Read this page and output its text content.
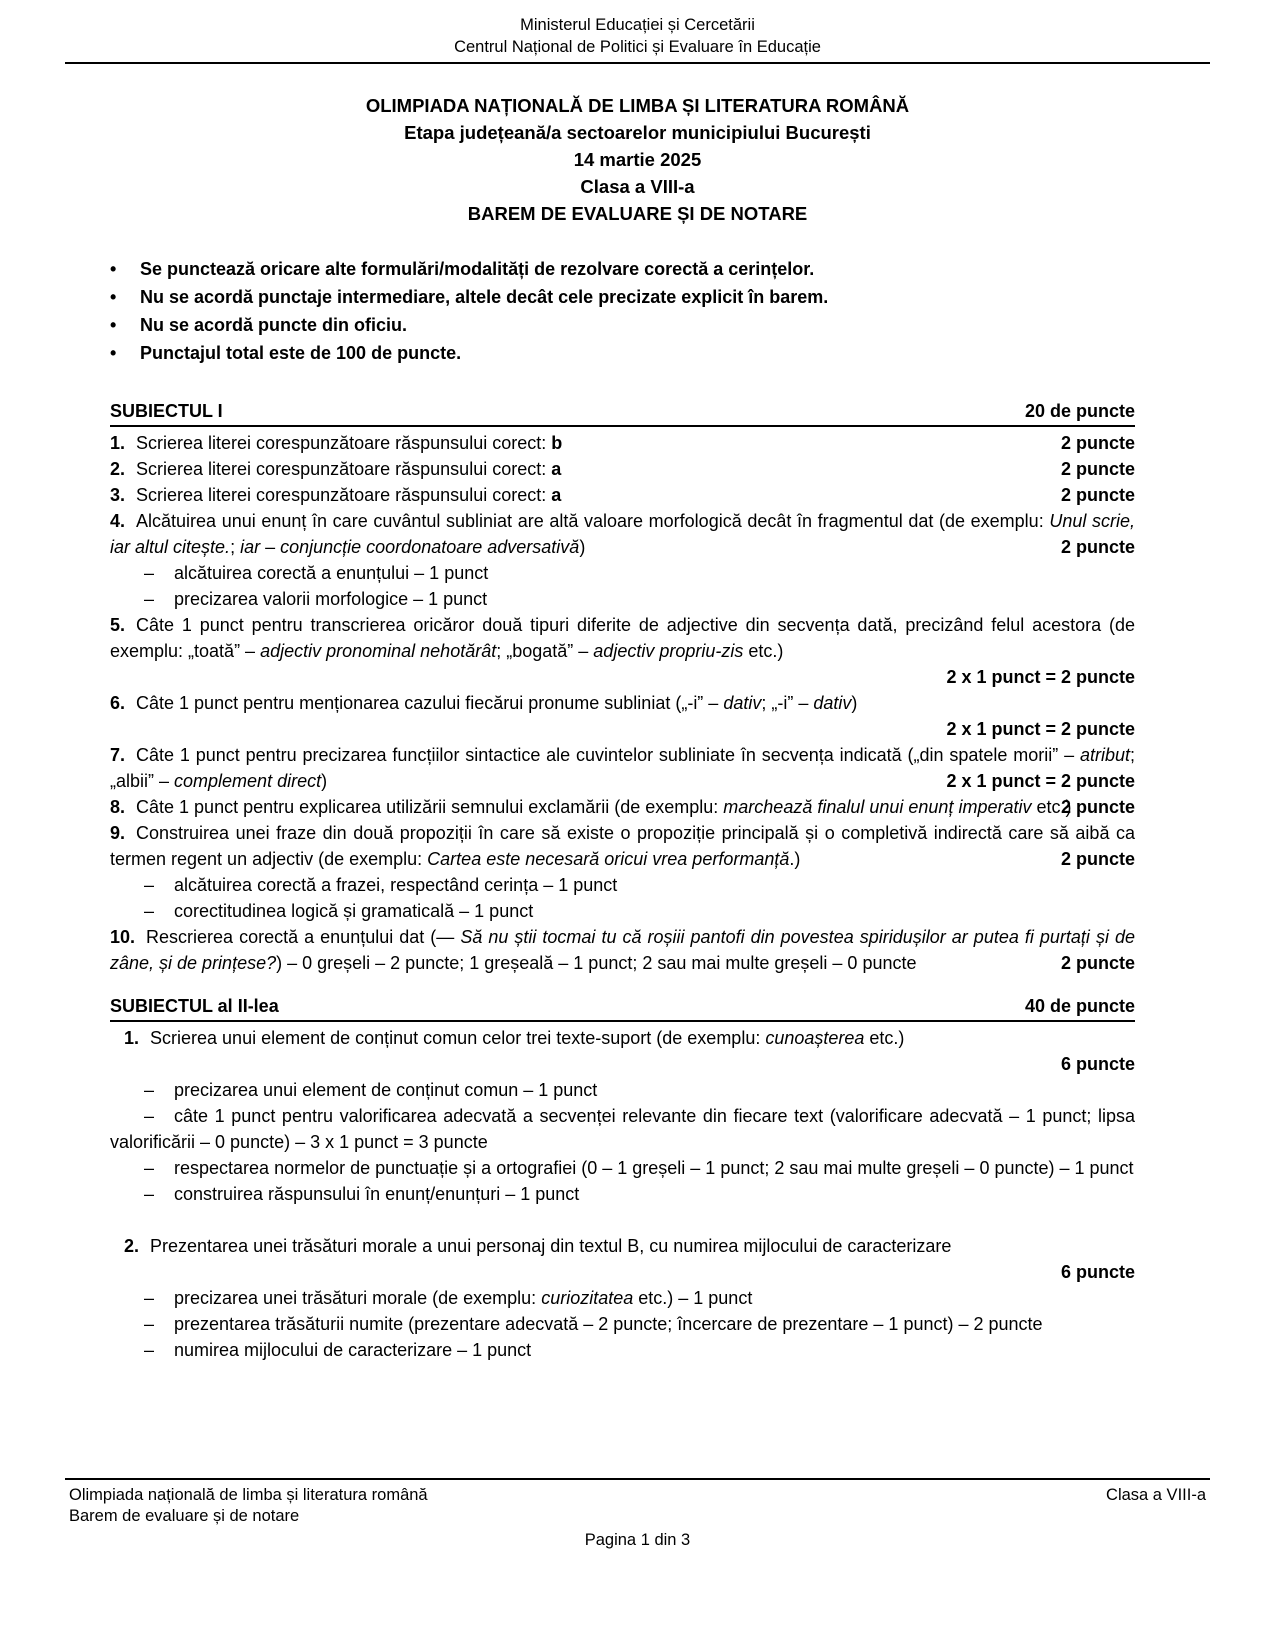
Ministerul Educației și Cercetării
Centrul Național de Politici și Evaluare în Educație
OLIMPIADA NAȚIONALĂ DE LIMBA ȘI LITERATURA ROMÂNĂ
Etapa județeană/a sectoarelor municipiului București
14 martie 2025
Clasa a VIII-a
BAREM DE EVALUARE ȘI DE NOTARE
•	Se punctează oricare alte formulări/modalități de rezolvare corectă a cerințelor.
•	Nu se acordă punctaje intermediare, altele decât cele precizate explicit în barem.
•	Nu se acordă puncte din oficiu.
•	Punctajul total este de 100 de puncte.
SUBIECTUL I	20 de puncte

1. Scrierea literei corespunzătoare răspunsului corect: b	2 puncte

2. Scrierea literei corespunzătoare răspunsului corect: a	2 puncte

3. Scrierea literei corespunzătoare răspunsului corect: a	2 puncte

4. Alcătuirea unui enunț în care cuvântul subliniat are altă valoare morfologică decât în fragmentul dat (de exemplu: Unul scrie, iar altul citește.; iar – conjuncție coordonatoare adversativă)	2 puncte

– alcătuirea corectă a enunțului – 1 punct

– precizarea valorii morfologice – 1 punct

5. Câte 1 punct pentru transcrierea oricăror două tipuri diferite de adjective din secvența dată, precizând felul acestora (de exemplu: „toată” – adjectiv pronominal nehotărât; „bogată” – adjectiv propriu-zis etc.)

2 x 1 punct = 2 puncte

6. Câte 1 punct pentru menționarea cazului fiecărui pronume subliniat („-i” – dativ; „-i” – dativ)

2 x 1 punct = 2 puncte

7. Câte 1 punct pentru precizarea funcțiilor sintactice ale cuvintelor subliniate în secvența indicată („din spatele morii” – atribut; „albii” – complement direct)	2 x 1 punct = 2 puncte

8. Câte 1 punct pentru explicarea utilizării semnului exclamării (de exemplu: marchează finalul unui enunț imperativ etc.)
2 puncte

9. Construirea unei fraze din două propoziții în care să existe o propoziție principală și o completivă indirectă care să aibă ca termen regent un adjectiv (de exemplu: Cartea este necesară oricui vrea performanță.)	2 puncte

– alcătuirea corectă a frazei, respectând cerința – 1 punct

– corectitudinea logică și gramaticală – 1 punct

10. Rescrierea corectă a enunțului dat (— Să nu știi tocmai tu că roșiii pantofi din povestea spiridușilor ar putea fi purtați și de zâne, și de prințese?) – 0 greșeli – 2 puncte; 1 greșeală – 1 punct; 2 sau mai multe greșeli – 0 puncte	2 puncte

SUBIECTUL al II-lea	40 de puncte

1. Scrierea unui element de conținut comun celor trei texte-suport (de exemplu: cunoașterea etc.)

6 puncte

– precizarea unui element de conținut comun – 1 punct

– câte 1 punct pentru valorificarea adecvată a secvenței relevante din fiecare text (valorificare adecvată – 1 punct; lipsa valorificării – 0 puncte) – 3 x 1 punct = 3 puncte

– respectarea normelor de punctuație și a ortografiei (0 – 1 greșeli – 1 punct; 2 sau mai multe greșeli – 0 puncte) – 1 punct

– construirea răspunsului în enunț/enunțuri – 1 punct

2. Prezentarea unei trăsături morale a unui personaj din textul B, cu numirea mijlocului de caracterizare

6 puncte

– precizarea unei trăsături morale (de exemplu: curiozitatea etc.) – 1 punct

– prezentarea trăsăturii numite (prezentare adecvată – 2 puncte; încercare de prezentare – 1 punct) – 2 puncte

– numirea mijlocului de caracterizare – 1 punct

Olimpiada națională de limba și literatura română
Barem de evaluare și de notare
Clasa a VIII-a
Pagina 1 din 3
